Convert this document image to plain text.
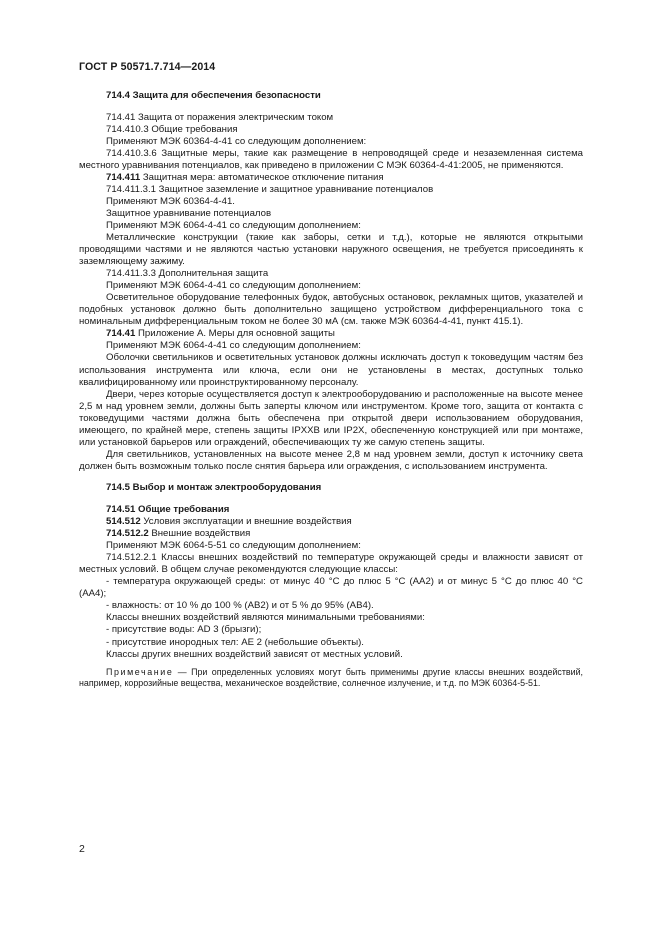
ГОСТ Р 50571.7.714—2014

714.4 Защита для обеспечения безопасности

714.41 Защита от поражения электрическим током

714.410.3 Общие требования

Применяют МЭК 60364-4-41 со следующим дополнением:

714.410.3.6 Защитные меры, такие как размещение в непроводящей среде и незаземленная система местного уравнивания потенциалов, как приведено в приложении С МЭК 60364-4-41:2005, не применяются.

714.411 Защитная мера: автоматическое отключение питания

714.411.3.1 Защитное заземление и защитное уравнивание потенциалов

Применяют МЭК 60364-4-41.

Защитное уравнивание потенциалов

Применяют МЭК 6064-4-41 со следующим дополнением:

Металлические конструкции (такие как заборы, сетки и т.д.), которые не являются открытыми проводящими частями и не являются частью установки наружного освещения, не требуется присоединять к заземляющему зажиму.

714.411.3.3 Дополнительная защита

Применяют МЭК 6064-4-41 со следующим дополнением:

Осветительное оборудование телефонных будок, автобусных остановок, рекламных щитов, указателей и подобных установок должно быть дополнительно защищено устройством дифференциального тока с номинальным дифференциальным током не более 30 мА (см. также МЭК 60364-4-41, пункт 415.1).

714.41 Приложение А. Меры для основной защиты

Применяют МЭК 6064-4-41 со следующим дополнением:

Оболочки светильников и осветительных установок должны исключать доступ к токоведущим частям без использования инструмента или ключа, если они не установлены в местах, доступных только квалифицированному или проинструктированному персоналу.

Двери, через которые осуществляется доступ к электрооборудованию и расположенные на высоте менее 2,5 м над уровнем земли, должны быть заперты ключом или инструментом. Кроме того, защита от контакта с токоведущими частями должна быть обеспечена при открытой двери использованием оборудования, имеющего, по крайней мере, степень защиты IPXXB или IP2X, обеспеченную конструкцией или при монтаже, или установкой барьеров или ограждений, обеспечивающих ту же самую степень защиты.

Для светильников, установленных на высоте менее 2,8 м над уровнем земли, доступ к источнику света должен быть возможным только после снятия барьера или ограждения, с использованием инструмента.

714.5 Выбор и монтаж электрооборудования

714.51 Общие требования

514.512 Условия эксплуатации и внешние воздействия

714.512.2 Внешние воздействия

Применяют МЭК 6064-5-51 со следующим дополнением:

714.512.2.1 Классы внешних воздействий по температуре окружающей среды и влажности зависят от местных условий. В общем случае рекомендуются следующие классы:

- температура окружающей среды: от минус 40 °С до плюс 5 °С (АА2) и от минус 5 °С до плюс 40 °С (АА4);

- влажность: от 10 % до 100 % (АВ2) и от 5 % до 95% (АВ4).

Классы внешних воздействий являются минимальными требованиями:

- присутствие воды: AD 3 (брызги);

- присутствие инородных тел: АЕ 2 (небольшие объекты).

Классы других внешних воздействий зависят от местных условий.

Примечание — При определенных условиях могут быть применимы другие классы внешних воздействий, например, коррозийные вещества, механическое воздействие, солнечное излучение, и т.д. по МЭК 60364-5-51.

2
